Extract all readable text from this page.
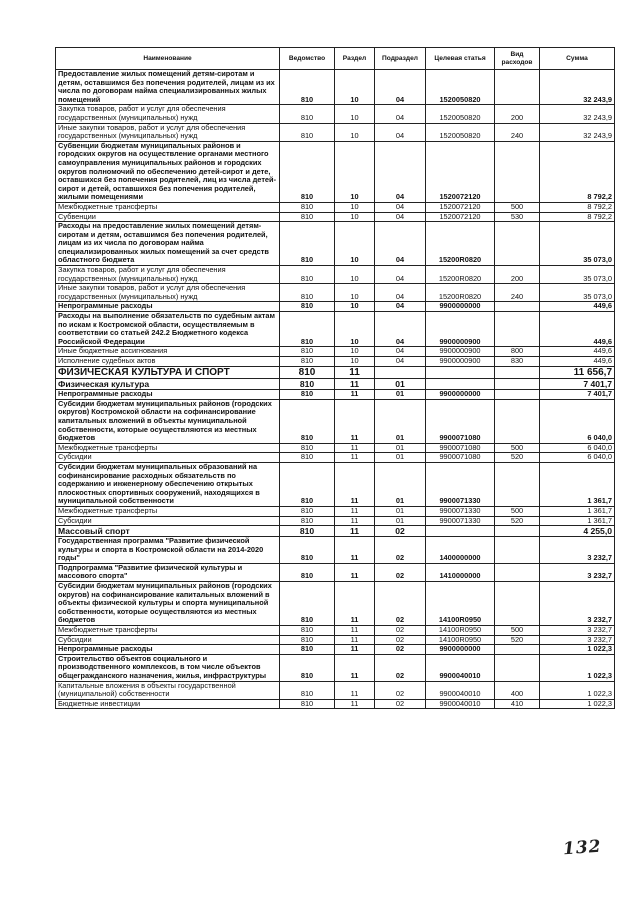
Наименование	Ведомство	Раздел	Подраздел	Целевая статья	Вид расходов	Сумма
Предоставление жилых помещений детям-сиротам и детям, оставшимся без попечения родителей, лицам из их числа по договорам найма специализированных жилых помещений	810	10	04	1520050820		32 243,9
Закупка товаров, работ и услуг для обеспечения государственных (муниципальных) нужд	810	10	04	1520050820	200	32 243,9
Иные закупки товаров, работ и услуг для обеспечения государственных (муниципальных) нужд	810	10	04	1520050820	240	32 243,9
Субвенции бюджетам муниципальных районов и городских округов на осуществление органами местного самоуправления муниципальных районов и городских округов полномочий по обеспечению детей-сирот и дете, оставшихся без попечения родителей, лиц из числа детей-сирот и детей, оставшихся без попечения родителей, жилыми помещениями	810	10	04	1520072120		8 792,2
Межбюджетные трансферты	810	10	04	1520072120	500	8 792,2
Субвенции	810	10	04	1520072120	530	8 792,2
Расходы на предоставление жилых помещений детям-сиротам и детям, оставшимся без попечения родителей, лицам из их числа по договорам найма специализированных жилых помещений за счет средств областного бюджета	810	10	04	15200R0820		35 073,0
Закупка товаров, работ и услуг для обеспечения государственных (муниципальных) нужд	810	10	04	15200R0820	200	35 073,0
Иные закупки товаров, работ и услуг для обеспечения государственных (муниципальных) нужд	810	10	04	15200R0820	240	35 073,0
Непрограммные расходы	810	10	04	9900000000		449,6
Расходы на выполнение обязательств по судебным актам по искам к Костромской области, осуществляемым в соответствии со статьей 242.2 Бюджетного кодекса Российской Федерации	810	10	04	9900000900		449,6
Иные бюджетные ассигнования	810	10	04	9900000900	800	449,6
Исполнение судебных актов	810	10	04	9900000900	830	449,6
ФИЗИЧЕСКАЯ КУЛЬТУРА И СПОРТ	810	11				11 656,7
Физическая культура	810	11	01			7 401,7
Непрограммные расходы	810	11	01	9900000000		7 401,7
Субсидии бюджетам муниципальных районов (городских округов) Костромской области на софинансирование капитальных вложений в объекты муниципальной собственности, которые осуществляются из местных бюджетов	810	11	01	9900071080		6 040,0
Межбюджетные трансферты	810	11	01	9900071080	500	6 040,0
Субсидии	810	11	01	9900071080	520	6 040,0
Субсидии бюджетам муниципальных образований на софинансирование расходных обязательств по содержанию и инженерному обеспечению открытых плоскостных спортивных сооружений, находящихся в муниципальной собственности	810	11	01	9900071330		1 361,7
Межбюджетные трансферты	810	11	01	9900071330	500	1 361,7
Субсидии	810	11	01	9900071330	520	1 361,7
Массовый спорт	810	11	02			4 255,0
Государственная программа "Развитие физической культуры и спорта в Костромской области на 2014-2020 годы"	810	11	02	1400000000		3 232,7
Подпрограмма "Развитие физической культуры и массового спорта"	810	11	02	1410000000		3 232,7
Субсидии бюджетам муниципальных районов (городских округов) на софинансирование капитальных вложений в объекты физической культуры и спорта муниципальной собственности, которые осуществляются из местных бюджетов	810	11	02	14100R0950		3 232,7
Межбюджетные трансферты	810	11	02	14100R0950	500	3 232,7
Субсидии	810	11	02	14100R0950	520	3 232,7
Непрограммные расходы	810	11	02	9900000000		1 022,3
Строительство объектов социального и производственного комплексов, в том числе объектов общегражданского назначения, жилья, инфраструктуры	810	11	02	9900040010		1 022,3
Капитальные вложения в объекты государственной (муниципальной) собственности	810	11	02	9900040010	400	1 022,3
Бюджетные инвестиции	810	11	02	9900040010	410	1 022,3
132
